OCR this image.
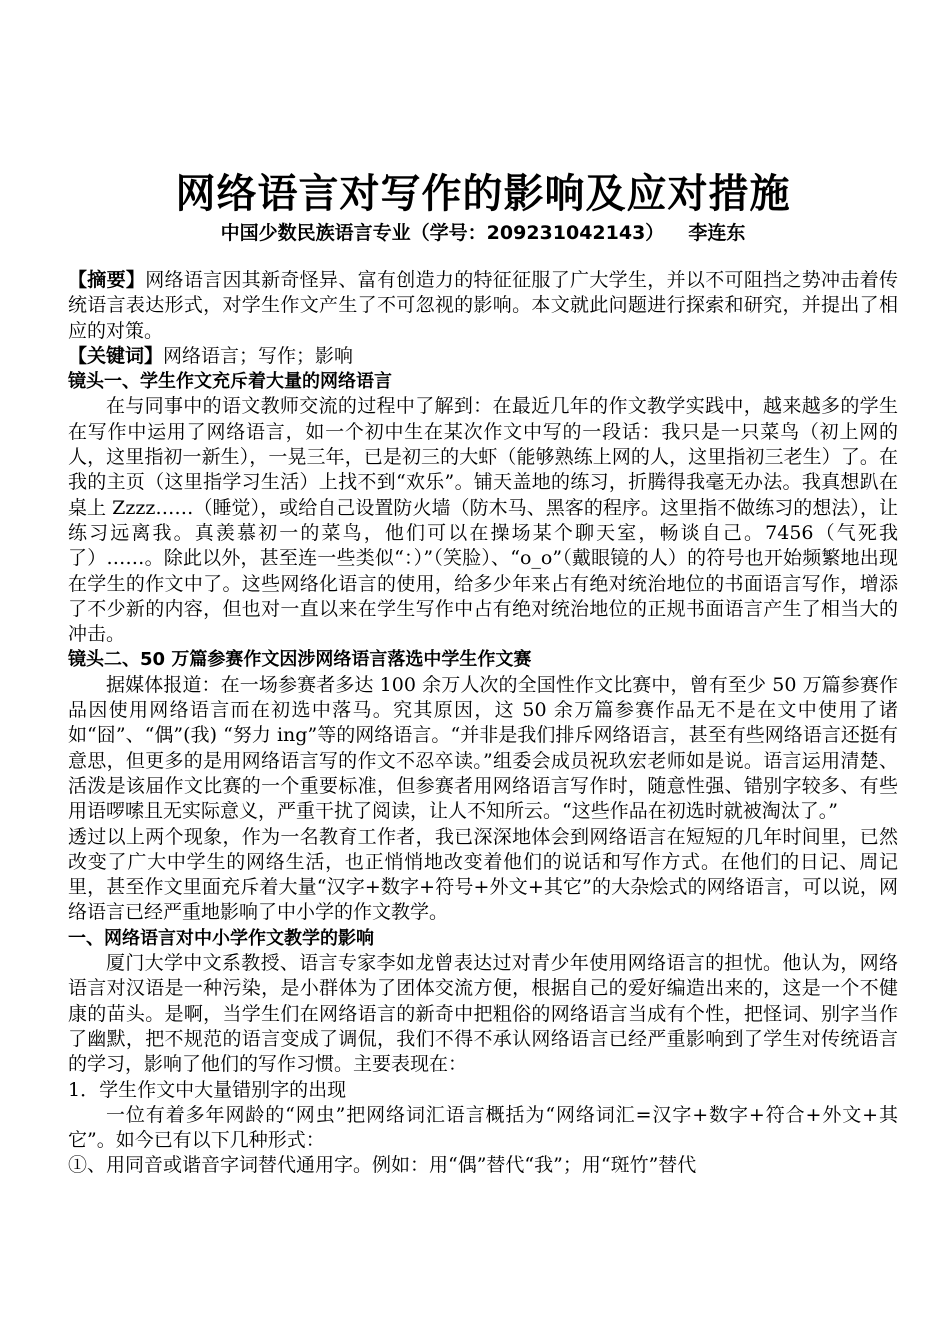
网络语言对写作的影响及应对措施
中国少数民族语言专业（学号：209231042143） 李连东

【摘要】网络语言因其新奇怪异、富有创造力的特征征服了广大学生，并以不可阻挡之势冲击着传统语言表达形式，对学生作文产生了不可忽视的影响。本文就此问题进行探索和研究，并提出了相应的对策。

【关键词】网络语言；写作；影响

镜头一、学生作文充斥着大量的网络语言

在与同事中的语文教师交流的过程中了解到：在最近几年的作文教学实践中，越来越多的学生在写作中运用了网络语言，如一个初中生在某次作文中写的一段话：我只是一只菜鸟（初上网的人，这里指初一新生），一晃三年，已是初三的大虾（能够熟练上网的人，这里指初三老生）了。在我的主页（这里指学习生活）上找不到“欢乐”。铺天盖地的练习，折腾得我毫无办法。我真想趴在桌上 Zzzz……（睡觉），或给自己设置防火墙（防木马、黑客的程序。这里指不做练习的想法），让练习远离我。真羡慕初一的菜鸟，他们可以在操场某个聊天室，畅谈自己。7456（气死我了）……。除此以外，甚至连一些类似“：）”（笑脸）、“o_o”（戴眼镜的人）的符号也开始频繁地出现在学生的作文中了。这些网络化语言的使用，给多少年来占有绝对统治地位的书面语言写作，增添了不少新的内容，但也对一直以来在学生写作中占有绝对统治地位的正规书面语言产生了相当大的冲击。

镜头二、50 万篇参赛作文因涉网络语言落选中学生作文赛

据媒体报道：在一场参赛者多达 100 余万人次的全国性作文比赛中，曾有至少 50 万篇参赛作品因使用网络语言而在初选中落马。究其原因，这 50 余万篇参赛作品无不是在文中使用了诸如“囧”、“偶”(我) “努力 ing”等的网络语言。“并非是我们排斥网络语言，甚至有些网络语言还挺有意思，但更多的是用网络语言写的作文不忍卒读。”组委会成员祝玖宏老师如是说。语言运用清楚、活泼是该届作文比赛的一个重要标准，但参赛者用网络语言写作时，随意性强、错别字较多、有些用语啰嗦且无实际意义，严重干扰了阅读，让人不知所云。“这些作品在初选时就被淘汰了。”

透过以上两个现象，作为一名教育工作者，我已深深地体会到网络语言在短短的几年时间里，已然改变了广大中学生的网络生活，也正悄悄地改变着他们的说话和写作方式。在他们的日记、周记里，甚至作文里面充斥着大量“汉字+数字+符号+外文+其它”的大杂烩式的网络语言，可以说，网络语言已经严重地影响了中小学的作文教学。

一、网络语言对中小学作文教学的影响

厦门大学中文系教授、语言专家李如龙曾表达过对青少年使用网络语言的担忧。他认为，网络语言对汉语是一种污染，是小群体为了团体交流方便，根据自己的爱好编造出来的，这是一个不健康的苗头。是啊，当学生们在网络语言的新奇中把粗俗的网络语言当成有个性，把怪词、别字当作了幽默，把不规范的语言变成了调侃，我们不得不承认网络语言已经严重影响到了学生对传统语言的学习，影响了他们的写作习惯。主要表现在：

1．学生作文中大量错别字的出现

一位有着多年网龄的“网虫”把网络词汇语言概括为“网络词汇=汉字+数字+符合+外文+其它”。如今已有以下几种形式：

①、用同音或谐音字词替代通用字。例如：用“偶”替代“我”；用“斑竹”替代
